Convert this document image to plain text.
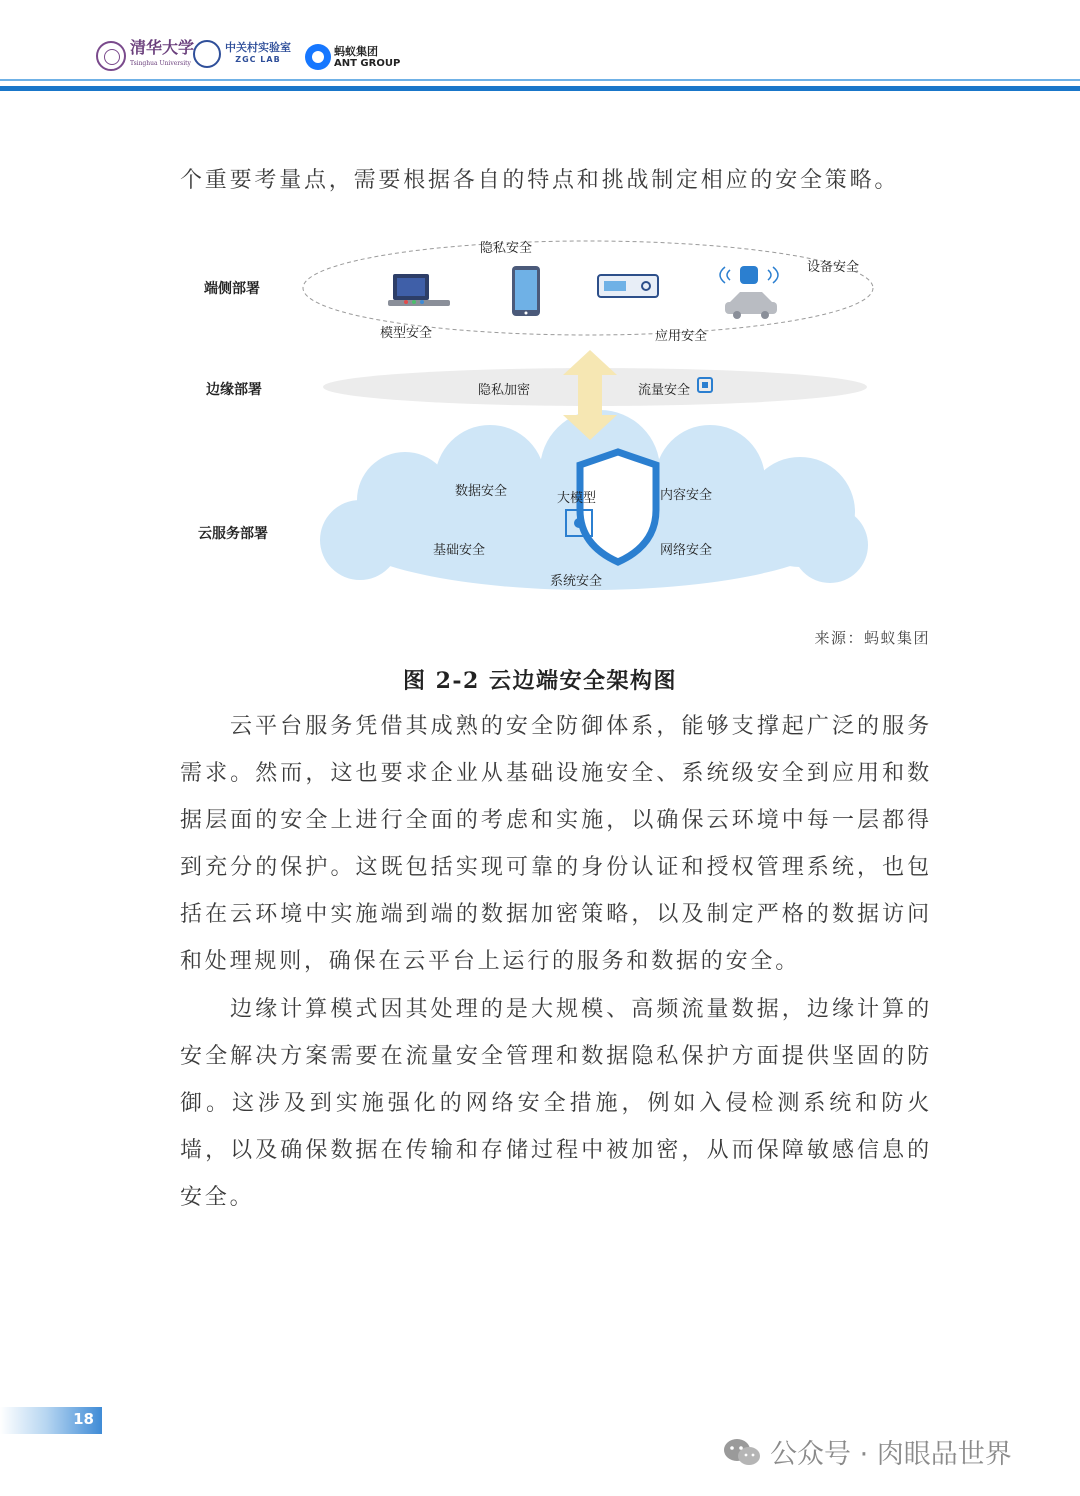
清华大学
Tsinghua University
中关村实验室
ZGC LAB
蚂蚁集团
ANT GROUP

个重要考量点，需要根据各自的特点和挑战制定相应的安全策略。

端侧部署
边缘部署
云服务部署
隐私安全
设备安全
模型安全	应用安全
隐私加密	流量安全
数据安全	大模型	内容安全
基础安全	网络安全
系统安全
来源：蚂蚁集团
图 2-2 云边端安全架构图

云平台服务凭借其成熟的安全防御体系，能够支撑起广泛的服务需求。然而，这也要求企业从基础设施安全、系统级安全到应用和数据层面的安全上进行全面的考虑和实施，以确保云环境中每一层都得到充分的保护。这既包括实现可靠的身份认证和授权管理系统，也包括在云环境中实施端到端的数据加密策略，以及制定严格的数据访问和处理规则，确保在云平台上运行的服务和数据的安全。

边缘计算模式因其处理的是大规模、高频流量数据，边缘计算的安全解决方案需要在流量安全管理和数据隐私保护方面提供坚固的防御。这涉及到实施强化的网络安全措施，例如入侵检测系统和防火墙，以及确保数据在传输和存储过程中被加密，从而保障敏感信息的安全。

18
公众号 · 肉眼品世界
